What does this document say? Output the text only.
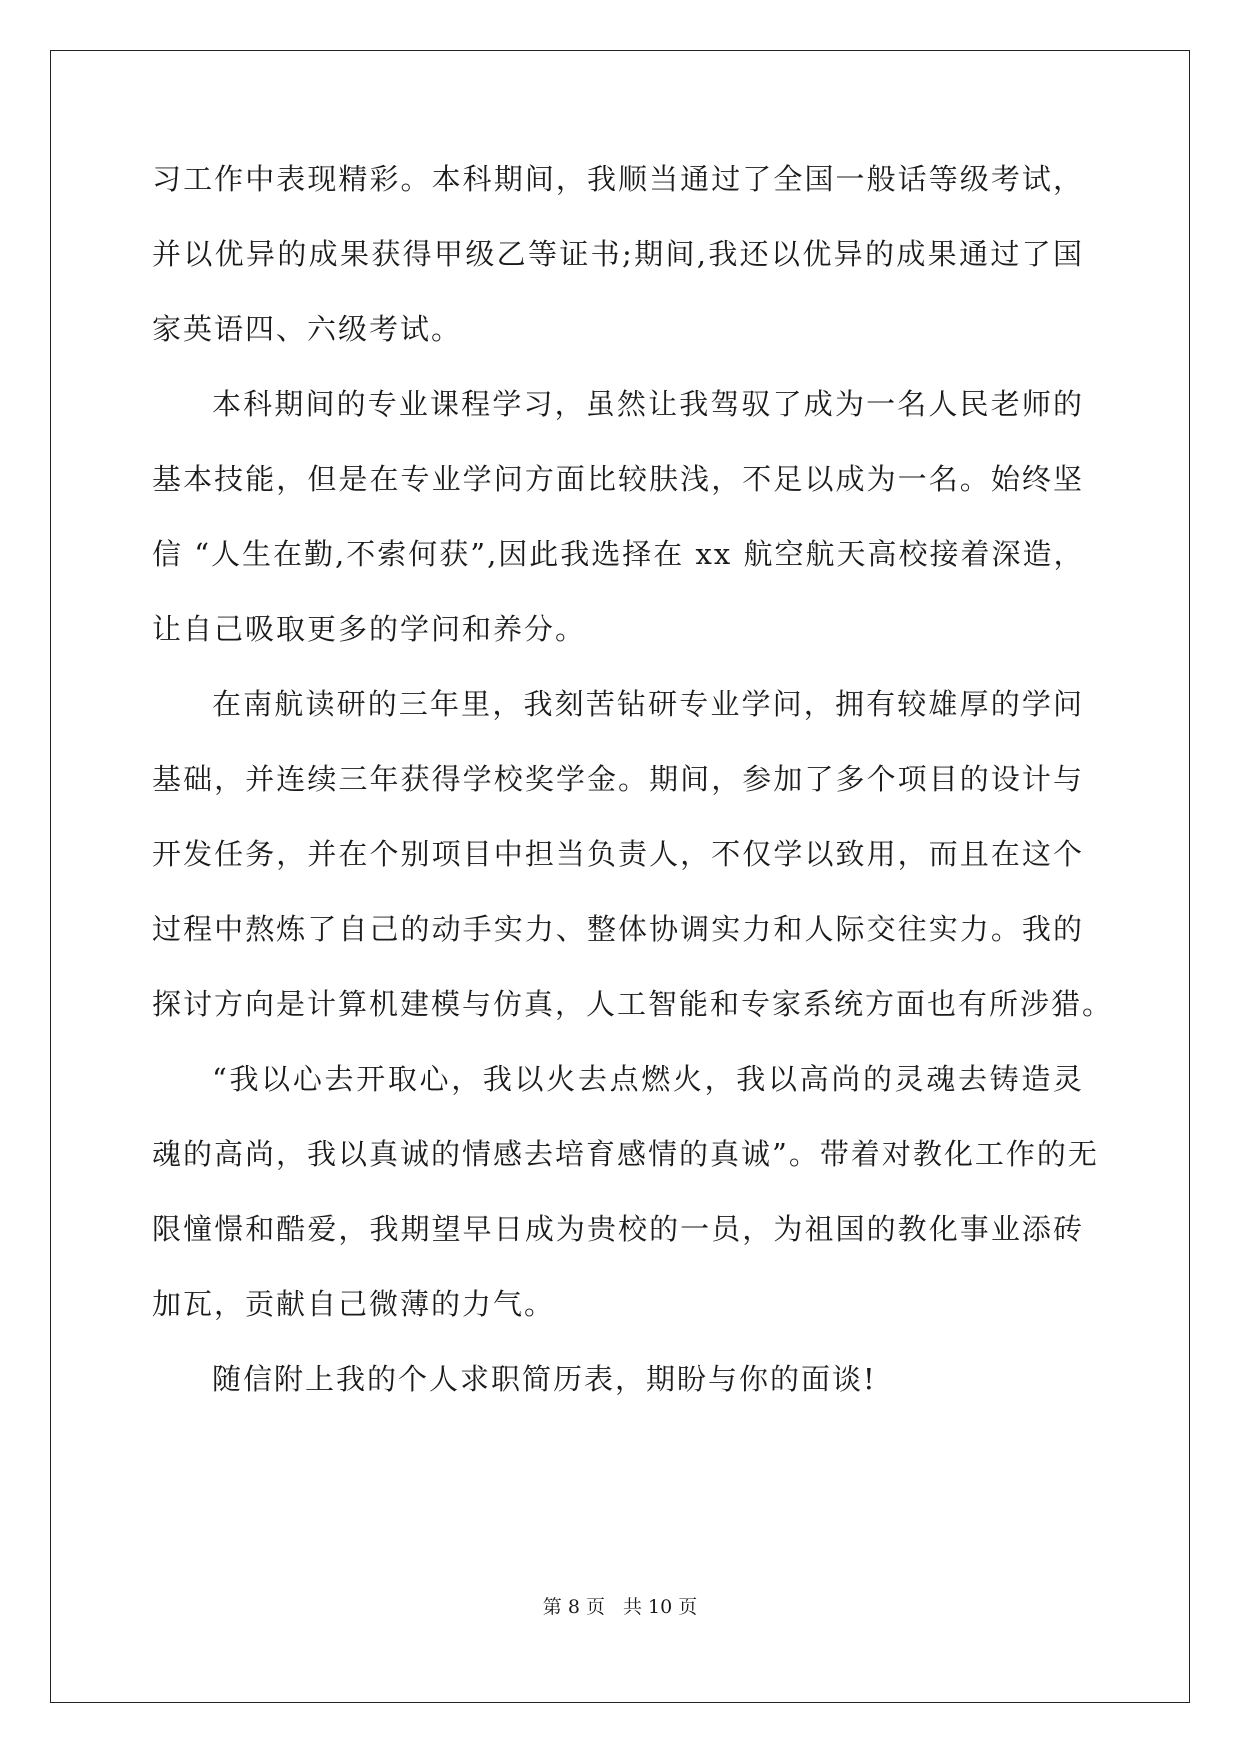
习工作中表现精彩。本科期间，我顺当通过了全国一般话等级考试，
并以优异的成果获得甲级乙等证书;期间,我还以优异的成果通过了国
家英语四、六级考试。
本科期间的专业课程学习，虽然让我驾驭了成为一名人民老师的
基本技能，但是在专业学问方面比较肤浅，不足以成为一名。始终坚
信 “人生在勤,不索何获”,因此我选择在 xx 航空航天高校接着深造，
让自己吸取更多的学问和养分。
在南航读研的三年里，我刻苦钻研专业学问，拥有较雄厚的学问
基础，并连续三年获得学校奖学金。期间，参加了多个项目的设计与
开发任务，并在个别项目中担当负责人，不仅学以致用，而且在这个
过程中熬炼了自己的动手实力、整体协调实力和人际交往实力。我的
探讨方向是计算机建模与仿真，人工智能和专家系统方面也有所涉猎。
“我以心去开取心，我以火去点燃火，我以高尚的灵魂去铸造灵
魂的高尚，我以真诚的情感去培育感情的真诚”。带着对教化工作的无
限憧憬和酷爱，我期望早日成为贵校的一员，为祖国的教化事业添砖
加瓦，贡献自己微薄的力气。
随信附上我的个人求职简历表，期盼与你的面谈!
第 8 页 共 10 页
